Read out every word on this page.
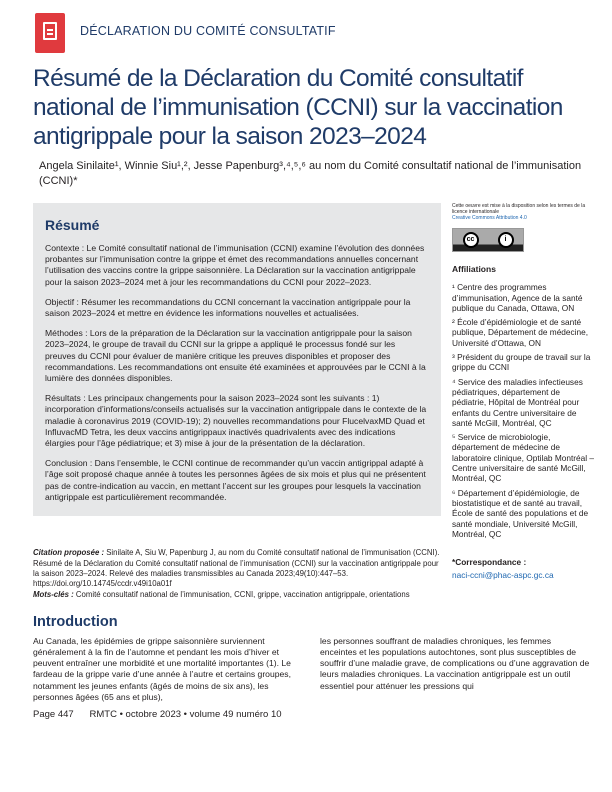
DÉCLARATION DU COMITÉ CONSULTATIF
Résumé de la Déclaration du Comité consultatif national de l’immunisation (CCNI) sur la vaccination antigrippale pour la saison 2023–2024
Angela Sinilaite¹, Winnie Siu¹,², Jesse Papenburg³,⁴,⁵,⁶ au nom du Comité consultatif national de l’immunisation (CCNI)*
Résumé

Contexte : Le Comité consultatif national de l’immunisation (CCNI) examine l’évolution des données probantes sur l’immunisation contre la grippe et émet des recommandations annuelles concernant l’utilisation des vaccins contre la grippe saisonnière. La Déclaration sur la vaccination antigrippale pour la saison 2023–2024 met à jour les recommandations du CCNI pour 2022–2023.

Objectif : Résumer les recommandations du CCNI concernant la vaccination antigrippale pour la saison 2023–2024 et mettre en évidence les informations nouvelles et actualisées.

Méthodes : Lors de la préparation de la Déclaration sur la vaccination antigrippale pour la saison 2023–2024, le groupe de travail du CCNI sur la grippe a appliqué le processus fondé sur les preuves du CCNI pour évaluer de manière critique les preuves disponibles et proposer des recommandations. Les recommandations ont ensuite été examinées et approuvées par le CCNI à la lumière des données disponibles.

Résultats : Les principaux changements pour la saison 2023–2024 sont les suivants : 1) incorporation d’informations/conseils actualisés sur la vaccination antigrippale dans le contexte de la maladie à coronavirus 2019 (COVID-19); 2) nouvelles recommandations pour FlucelvaxMD Quad et InfluvacMD Tetra, les deux vaccins antigrippaux inactivés quadrivalents avec des indications élargies pour l’âge pédiatrique; et 3) mise à jour de la présentation de la déclaration.

Conclusion : Dans l’ensemble, le CCNI continue de recommander qu’un vaccin antigrippal adapté à l’âge soit proposé chaque année à toutes les personnes âgées de six mois et plus qui ne présentent pas de contre-indication au vaccin, en mettant l’accent sur les groupes pour lesquels la vaccination antigrippale est particulièrement recommandée.

Cette oeuvre est mise à la disposition selon les termes de la licence internationale
Creative Commons Attribution 4.0
cc	i
Affiliations
¹ Centre des programmes d’immunisation, Agence de la santé publique du Canada, Ottawa, ON
² École d’épidémiologie et de santé publique, Département de médecine, Université d’Ottawa, ON
³ Président du groupe de travail sur la grippe du CCNI
⁴ Service des maladies infectieuses pédiatriques, département de pédiatrie, Hôpital de Montréal pour enfants du Centre universitaire de santé McGill, Montréal, QC
⁵ Service de microbiologie, département de médecine de laboratoire clinique, Optilab Montréal – Centre universitaire de santé McGill, Montréal, QC
⁶ Département d’épidémiologie, de biostatistique et de santé au travail, École de santé des populations et de santé mondiale, Université McGill, Montréal, QC
Citation proposée : Sinilaite A, Siu W, Papenburg J, au nom du Comité consultatif national de l’immunisation (CCNI). Résumé de la Déclaration du Comité consultatif national de l’immunisation (CCNI) sur la vaccination antigrippale pour la saison 2023–2024. Relevé des maladies transmissibles au Canada 2023;49(10):447–53. https://doi.org/10.14745/ccdr.v49i10a01f
Mots-clés : Comité consultatif national de l’immunisation, CCNI, grippe, vaccination antigrippale, orientations
*Correspondance :
naci-ccni@phac-aspc.gc.ca
Introduction
Au Canada, les épidémies de grippe saisonnière surviennent généralement à la fin de l’automne et pendant les mois d’hiver et peuvent entraîner une morbidité et une mortalité importantes (1). Le fardeau de la grippe varie d’une année à l’autre et certains groupes, notamment les jeunes enfants (âgés de moins de six ans), les personnes âgées (65 ans et plus),
les personnes souffrant de maladies chroniques, les femmes enceintes et les populations autochtones, sont plus susceptibles de souffrir d’une maladie grave, de complications ou d’une aggravation de leurs maladies chroniques. La vaccination antigrippale est un outil essentiel pour atténuer les pressions qui
Page 447      RMTC • octobre 2023 • volume 49 numéro 10
